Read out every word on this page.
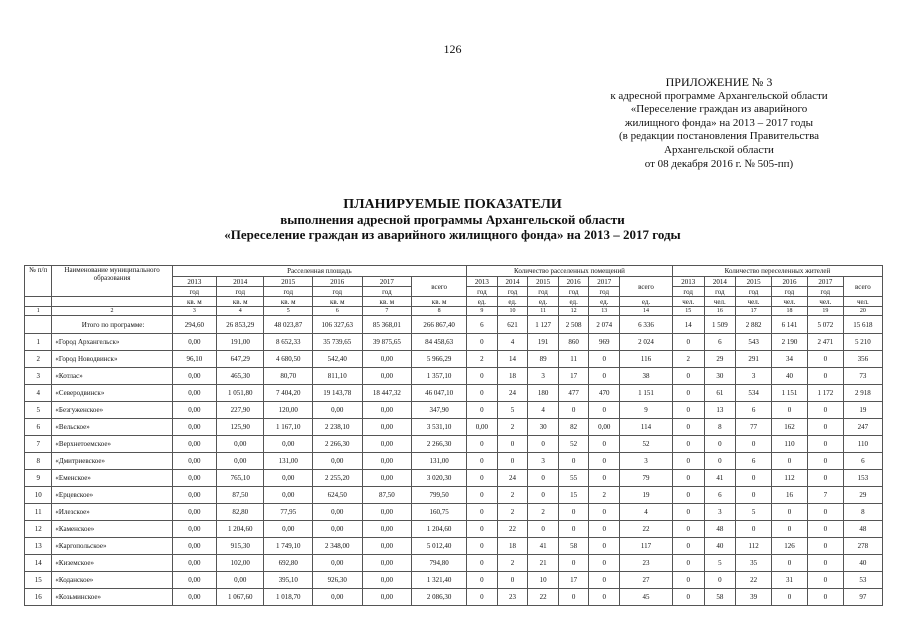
126
ПРИЛОЖЕНИЕ № 3
к адресной программе Архангельской области
«Переселение граждан из аварийного
жилищного фонда» на 2013 – 2017 годы
(в редакции постановления Правительства
Архангельской области
от 08 декабря 2016 г. № 505-пп)
ПЛАНИРУЕМЫЕ ПОКАЗАТЕЛИ
выполнения адресной программы Архангельской области
«Переселение граждан из аварийного жилищного фонда» на 2013 – 2017 годы
№ п/п	Наименование муниципального образования	Расселенная площадь						Количество расселенных помещений						Количество переселенных жителей					
		2013	2014	2015	2016	2017	всего	2013	2014	2015	2016	2017	всего	2013	2014	2015	2016	2017	всего
		год	год	год	год	год		год	год	год	год	год		год	год	год	год	год	
		кв. м	кв. м	кв. м	кв. м	кв. м	кв. м	ед.	ед.	ед.	ед.	ед.	ед.	чел.	чел.	чел.	чел.	чел.	чел.
1	2	3	4	5	6	7	8	9	10	11	12	13	14	15	16	17	18	19	20
	Итого по программе:	294,60	26 853,29	48 023,87	106 327,63	85 368,01	266 867,40	6	621	1 127	2 508	2 074	6 336	14	1 509	2 882	6 141	5 072	15 618
1	«Город Архангельск»	0,00	191,00	8 652,33	35 739,65	39 875,65	84 458,63	0	4	191	860	969	2 024	0	6	543	2 190	2 471	5 210
2	«Город Новодвинск»	96,10	647,29	4 680,50	542,40	0,00	5 966,29	2	14	89	11	0	116	2	29	291	34	0	356
3	«Котлас»	0,00	465,30	80,70	811,10	0,00	1 357,10	0	18	3	17	0	38	0	30	3	40	0	73
4	«Северодвинск»	0,00	1 051,80	7 404,20	19 143,78	18 447,32	46 047,10	0	24	180	477	470	1 151	0	61	534	1 151	1 172	2 918
5	«Безгуженское»	0,00	227,90	120,00	0,00	0,00	347,90	0	5	4	0	0	9	0	13	6	0	0	19
6	«Вельское»	0,00	125,90	1 167,10	2 238,10	0,00	3 531,10	0,00	2	30	82	0,00	114	0	8	77	162	0	247
7	«Верхнетоемское»	0,00	0,00	0,00	2 266,30	0,00	2 266,30	0	0	0	52	0	52	0	0	0	110	0	110
8	«Дмитриевское»	0,00	0,00	131,00	0,00	0,00	131,00	0	0	3	0	0	3	0	0	6	0	0	6
9	«Еменское»	0,00	765,10	0,00	2 255,20	0,00	3 020,30	0	24	0	55	0	79	0	41	0	112	0	153
10	«Ерцевское»	0,00	87,50	0,00	624,50	87,50	799,50	0	2	0	15	2	19	0	6	0	16	7	29
11	«Илезское»	0,00	82,80	77,95	0,00	0,00	160,75	0	2	2	0	0	4	0	3	5	0	0	8
12	«Каменское»	0,00	1 204,60	0,00	0,00	0,00	1 204,60	0	22	0	0	0	22	0	48	0	0	0	48
13	«Каргопольское»	0,00	915,30	1 749,10	2 348,00	0,00	5 012,40	0	18	41	58	0	117	0	40	112	126	0	278
14	«Киземское»	0,00	102,00	692,80	0,00	0,00	794,80	0	2	21	0	0	23	0	5	35	0	0	40
15	«Коданское»	0,00	0,00	395,10	926,30	0,00	1 321,40	0	0	10	17	0	27	0	0	22	31	0	53
16	«Козьминское»	0,00	1 067,60	1 018,70	0,00	0,00	2 086,30	0	23	22	0	0	45	0	58	39	0	0	97
